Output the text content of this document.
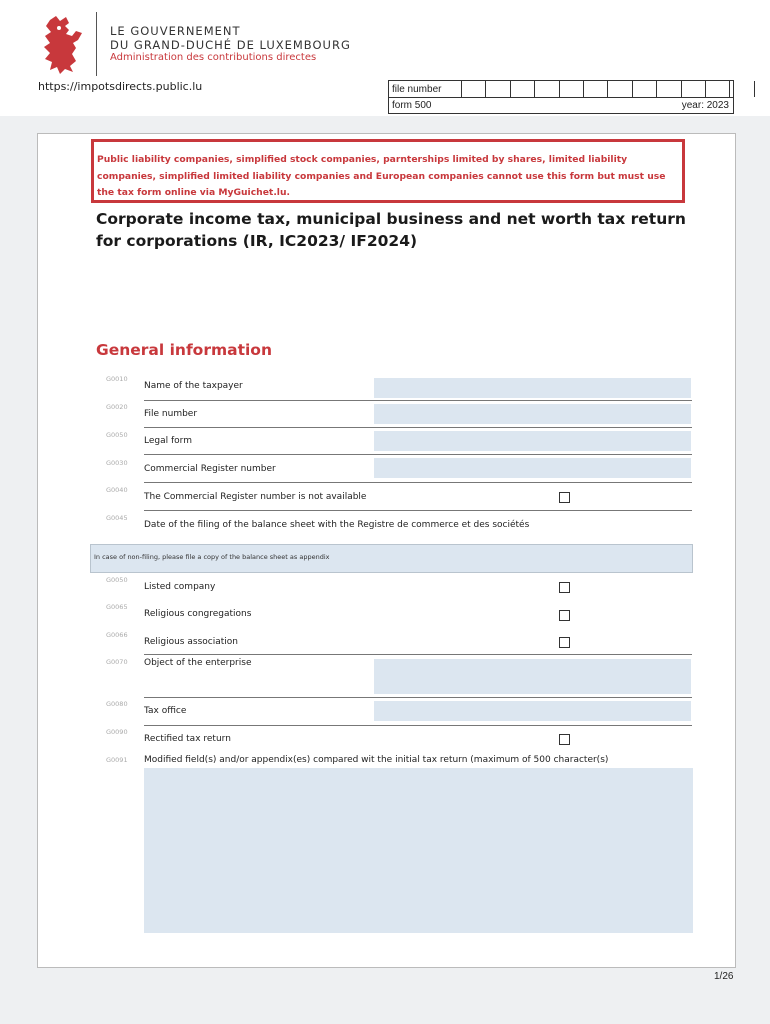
LE GOUVERNEMENT
DU GRAND-DUCHÉ DE LUXEMBOURG
Administration des contributions directes
https://impotsdirects.public.lu	file number
form 500	year: 2023
Public liability companies, simplified stock companies, parnterships limited by shares, limited liability companies, simplified limited liability companies and European companies cannot use this form but must use the tax form online via MyGuichet.lu.
Corporate income tax, municipal business and net worth tax return for corporations (IR, IC2023/ IF2024)
General information
G0010
Name of the taxpayer
G0020
File number
G0050
Legal form
G0030
Commercial Register number
G0040
The Commercial Register number is not available
G0045
Date of the filing of the balance sheet with the Registre de commerce et des sociétés
In case of non-filing, please file a copy of the balance sheet as appendix
G0050
Listed company
G0065
Religious congregations
G0066
Religious association
G0070 Object of the enterprise
G0080
Tax office
G0090
Rectified tax return
G0091 Modified field(s) and/or appendix(es) compared wit the initial tax return (maximum of 500 character(s)
1/26
